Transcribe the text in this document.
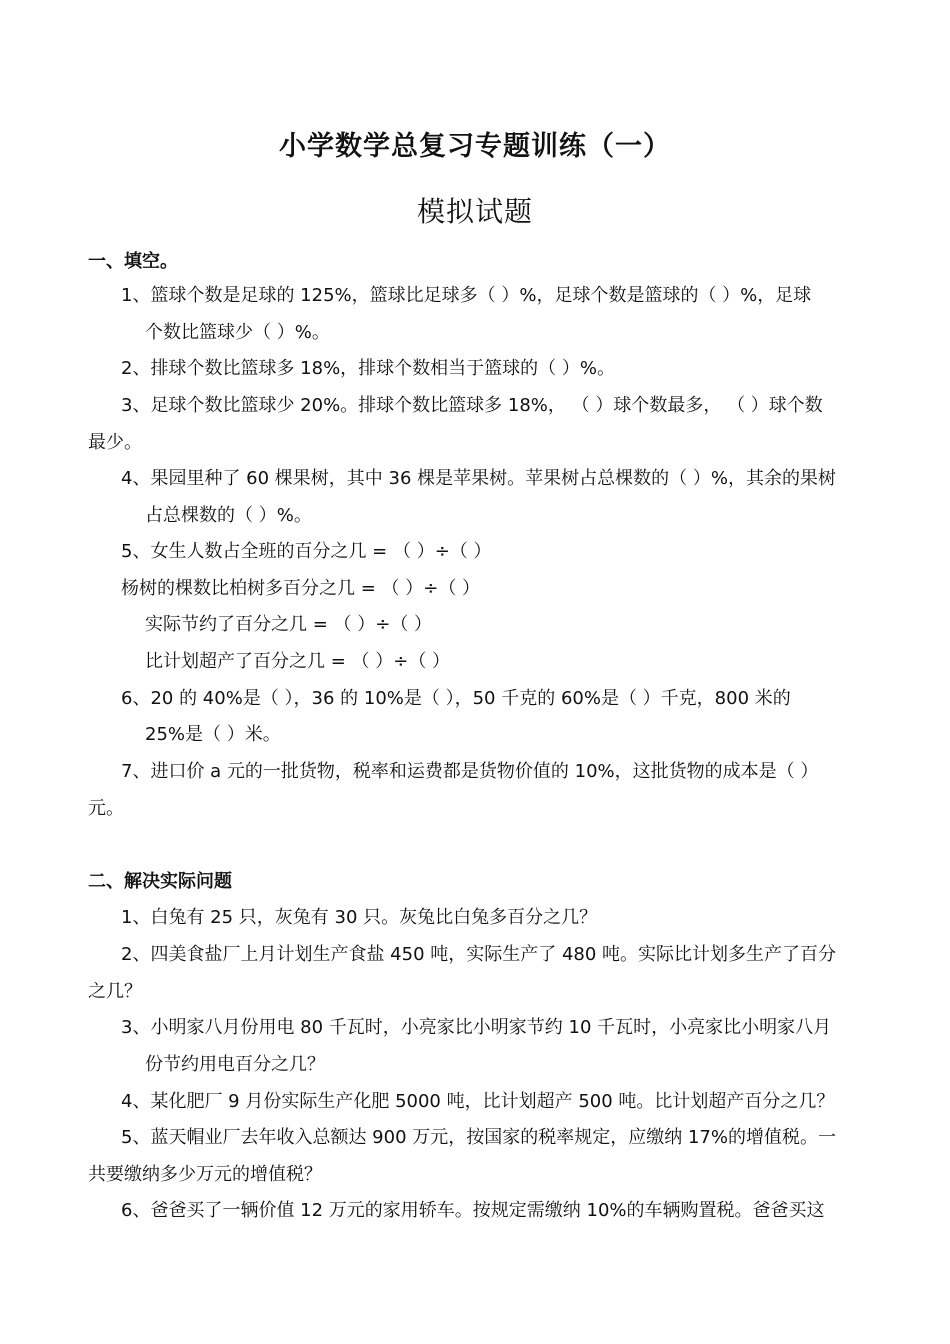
小学数学总复习专题训练（一）
模拟试题
一、填空。
1、篮球个数是足球的 125%，篮球比足球多（ ）%，足球个数是篮球的（ ）%，足球
个数比篮球少（ ）%。
2、排球个数比篮球多 18%，排球个数相当于篮球的（ ）%。
3、足球个数比篮球少 20%。排球个数比篮球多 18%， （ ）球个数最多， （ ）球个数
最少。
4、果园里种了 60 棵果树，其中 36 棵是苹果树。苹果树占总棵数的（ ）%，其余的果树
占总棵数的（ ）%。
5、女生人数占全班的百分之几 = （ ）÷（ ）
杨树的棵数比柏树多百分之几 = （ ）÷（ ）
实际节约了百分之几 = （ ）÷（ ）
比计划超产了百分之几 = （ ）÷（ ）
6、20 的 40%是（ ），36 的 10%是（ ），50 千克的 60%是（ ）千克，800 米的
25%是（ ）米。
7、进口价 a 元的一批货物，税率和运费都是货物价值的 10%，这批货物的成本是（ ）
元。
二、解决实际问题
1、白兔有 25 只，灰兔有 30 只。灰兔比白兔多百分之几？
2、四美食盐厂上月计划生产食盐 450 吨，实际生产了 480 吨。实际比计划多生产了百分
之几？
3、小明家八月份用电 80 千瓦时，小亮家比小明家节约 10 千瓦时，小亮家比小明家八月
份节约用电百分之几？
4、某化肥厂 9 月份实际生产化肥 5000 吨，比计划超产 500 吨。比计划超产百分之几？
5、蓝天帽业厂去年收入总额达 900 万元，按国家的税率规定，应缴纳 17%的增值税。一
共要缴纳多少万元的增值税？
6、爸爸买了一辆价值 12 万元的家用轿车。按规定需缴纳 10%的车辆购置税。爸爸买这
